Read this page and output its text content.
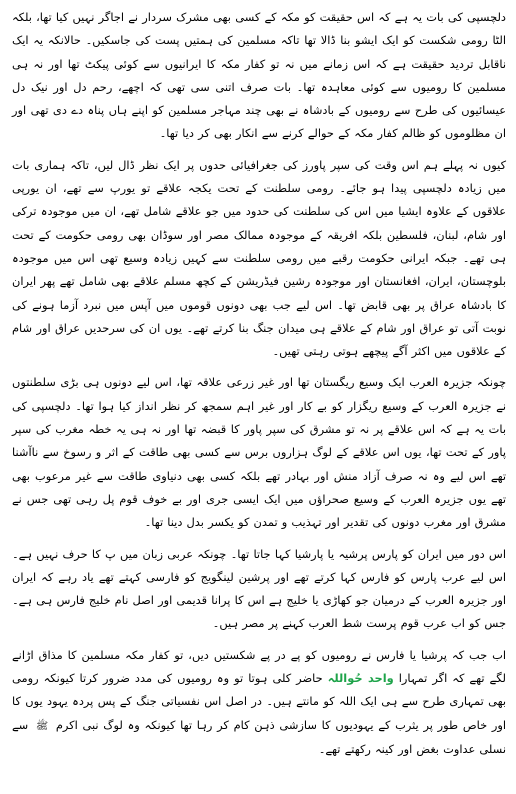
دلچسپی کی بات یہ ہے کہ اس حقیقت کو مکہ کے کسی بھی مشرک سردار نے اجاگر نہیں کیا تھا، بلکہ الٹا رومی شکست کو ایک ایشو بنا ڈالا تھا تاکہ مسلمین کی ہمتیں پست کی جاسکیں۔ حالانکہ یہ ایک ناقابل تردید حقیقت ہے کہ اس زمانے میں نہ تو کفار مکہ کا ایرانیوں سے کوئی پیکٹ تھا اور نہ ہی مسلمین کا رومیوں سے کوئی معاہدہ تھا۔ بات صرف اتنی سی تھی کہ اچھے، رحم دل اور نیک دل عیسائیوں کی طرح سے رومیوں کے بادشاہ نے بھی چند مہاجر مسلمین کو اپنے ہاں پناہ دے دی تھی اور ان مظلوموں کو ظالم کفار مکہ کے حوالے کرنے سے انکار بھی کر دیا تھا۔

کیوں نہ پہلے ہم اس وقت کی سپر پاورز کی جغرافیائی حدوں پر ایک نظر ڈال لیں، تاکہ ہماری بات میں زیادہ دلچسپی پیدا ہو جائے۔ رومی سلطنت کے تحت یکجہ علاقے تو یورپ سے تھے، ان یورپی علاقوں کے علاوہ ایشیا میں اس کی سلطنت کی حدود میں جو علاقے شامل تھے، ان میں موجودہ ترکی اور شام، لبنان، فلسطین بلکہ افریقہ کے موجودہ ممالک مصر اور سوڈان بھی رومی حکومت کے تحت ہی تھے۔ جبکہ ایرانی حکومت رقبے میں رومی سلطنت سے کہیں زیادہ وسیع تھی اس میں موجودہ بلوچستان، ایران، افغانستان اور موجودہ رشین فیڈریشن کے کچھ مسلم علاقے بھی شامل تھے پھر ایران کا بادشاہ عراق پر بھی قابض تھا۔ اس لیے جب بھی دونوں قوموں میں آپس میں نبرد آزما ہونے کی نوبت آتی تو عراق اور شام کے علاقے ہی میدان جنگ بنا کرتے تھے۔ یوں ان کی سرحدیں عراق اور شام کے علاقوں میں اکثر آگے پیچھے ہوتی رہتی تھیں۔

چونکہ جزیرہ العرب ایک وسیع ریگستان تھا اور غیر زرعی علاقہ تھا، اس لیے دونوں ہی بڑی سلطنتوں نے جزیرہ العرب کے وسیع ریگزار کو بے کار اور غیر اہم سمجھ کر نظر انداز کیا ہوا تھا۔ دلچسپی کی بات یہ ہے کہ اس علاقے پر نہ تو مشرق کی سپر پاور کا قبضہ تھا اور نہ ہی یہ خطہ مغرب کی سپر پاور کے تحت تھا، یوں اس علاقے کے لوگ ہزاروں برس سے کسی بھی طاقت کے اثر و رسوخ سے ناآشنا تھے اس لیے وہ نہ صرف آزاد منش اور بہادر تھے بلکہ کسی بھی دنیاوی طاقت سے غیر مرعوب بھی تھے یوں جزیرہ العرب کے وسیع صحراؤں میں ایک ایسی جری اور بے خوف قوم پل رہی تھی جس نے مشرق اور مغرب دونوں کی تقدیر اور تہذیب و تمدن کو یکسر بدل دینا تھا۔

اس دور میں ایران کو پارس پرشیہ یا پارشیا کہا جاتا تھا۔ چونکہ عربی زبان میں پ کا حرف نہیں ہے۔ اس لیے عرب پارس کو فارس کہا کرتے تھے اور پرشین لینگویج کو فارسی کہتے تھے یاد رہے کہ ایران اور جزیرہ العرب کے درمیان جو کھاڑی یا خلیج ہے اس کا پرانا قدیمی اور اصل نام خلیج فارس ہی ہے۔ جس کو اب عرب قوم پرست شط العرب کہنے پر مصر ہیں۔

اب جب کہ پرشیا یا فارس نے رومیوں کو پے در پے شکستیں دیں، تو کفار مکہ مسلمین کا مذاق اڑانے لگے تھے کہ اگر تمہارا واحد حُواللہ حاضر کلی ہوتا تو وہ رومیوں کی مدد ضرور کرتا کیونکہ رومی بھی تمہاری طرح سے ہی ایک اللہ کو مانتے ہیں۔ در اصل اس نفسیاتی جنگ کے پس پردہ یہود یوں کا اور خاص طور پر یثرب کے یہودیوں کا سازشی ذہن کام کر رہا تھا کیونکہ وہ لوگ نبی اکرم ﷺ سے نسلی عداوت بغض اور کینہ رکھتے تھے۔
